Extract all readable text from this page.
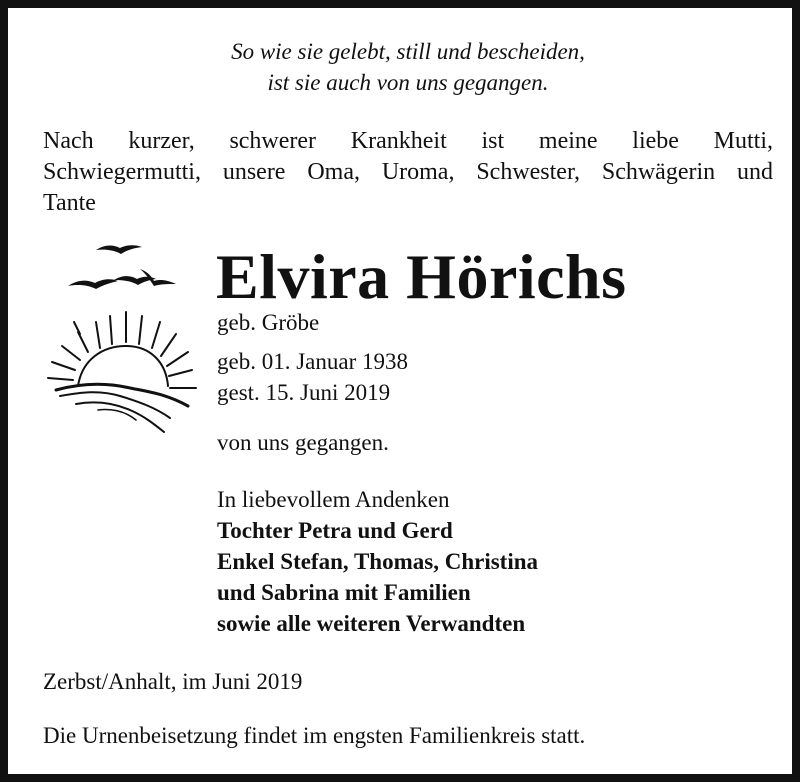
So wie sie gelebt, still und bescheiden,
ist sie auch von uns gegangen.
Nach kurzer, schwerer Krankheit ist meine liebe Mutti,
Schwiegermutti, unsere Oma, Uroma, Schwester, Schwägerin und
Tante
Elvira Hörichs
geb. Gröbe
geb. 01. Januar 1938
gest. 15. Juni 2019
von uns gegangen.
In liebevollem Andenken
Tochter Petra und Gerd
Enkel Stefan, Thomas, Christina
und Sabrina mit Familien
sowie alle weiteren Verwandten
Zerbst/Anhalt, im Juni 2019
Die Urnenbeisetzung findet im engsten Familienkreis statt.
